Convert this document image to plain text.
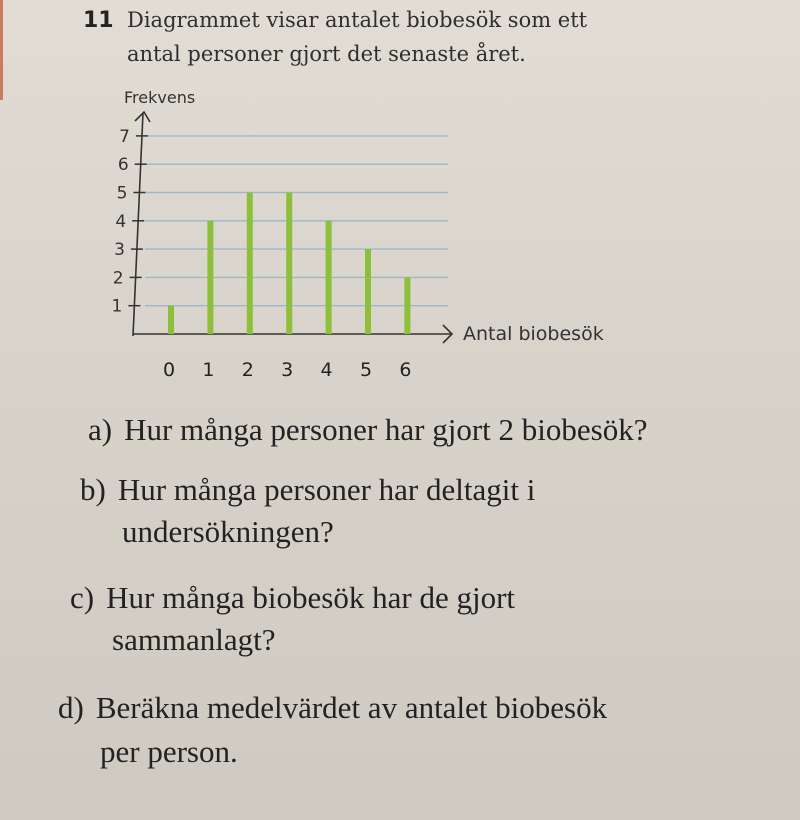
11 Diagrammet visar antalet biobesök som ett
antal personer gjort det senaste året.
1
2
3
4
5
6
7
0 1 2 3 4 5 6
Frekvens
Antal biobesök
a) Hur många personer har gjort 2 biobesök?
b) Hur många personer har deltagit i
undersökningen?
c) Hur många biobesök har de gjort
sammanlagt?
d) Beräkna medelvärdet av antalet biobesök
per person.
